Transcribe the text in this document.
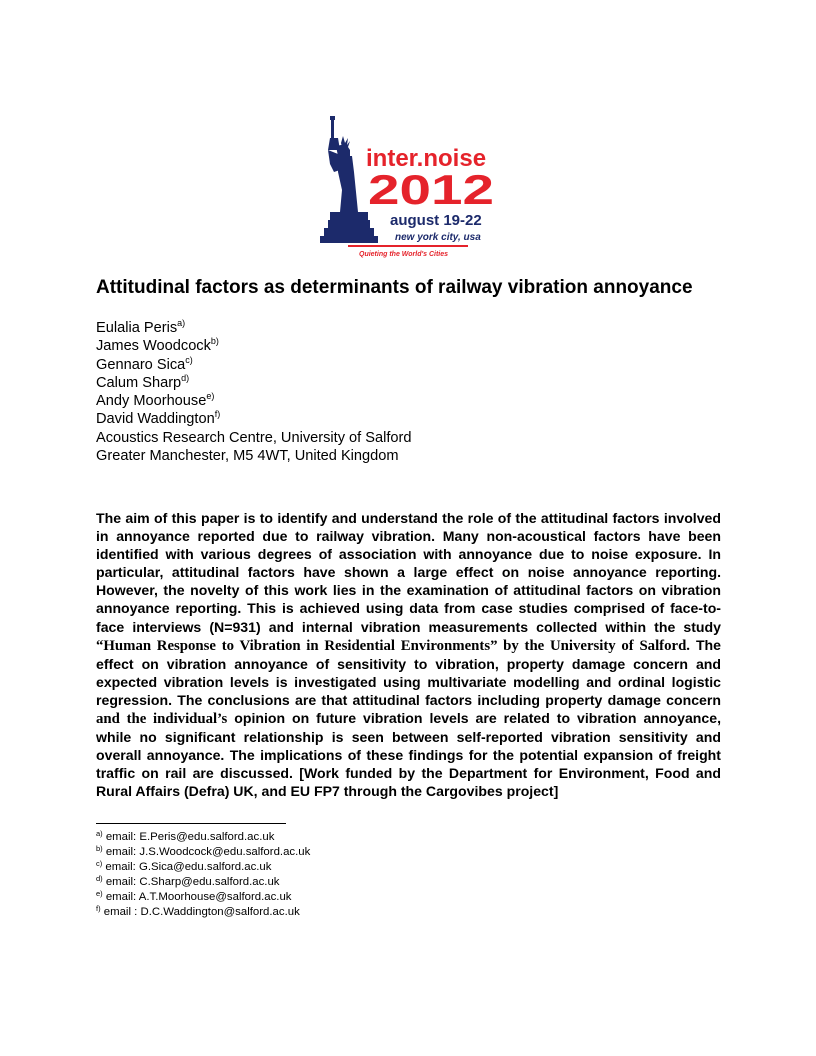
inter.noise
2012
august 19-22
new york city, usa
Quieting the World's Cities
Attitudinal factors as determinants of railway vibration annoyance
Eulalia Peris$^{a)}$
James Woodcock$^{b)}$
Gennaro Sica$^{c)}$
Calum Sharp$^{d)}$
Andy Moorhouse$^{e)}$
David Waddington$^{f)}$
Acoustics Research Centre, University of Salford
Greater Manchester, M5 4WT, United Kingdom

The aim of this paper is to identify and understand the role of the attitudinal factors involved in annoyance reported due to railway vibration. Many non-acoustical factors have been identified with various degrees of association with annoyance due to noise exposure. In particular, attitudinal factors have shown a large effect on noise annoyance reporting. However, the novelty of this work lies in the examination of attitudinal factors on vibration annoyance reporting. This is achieved using data from case studies comprised of face-to-face interviews (N=931) and internal vibration measurements collected within the study “Human Response to Vibration in Residential Environments” by the University of Salford. The effect on vibration annoyance of sensitivity to vibration, property damage concern and expected vibration levels is investigated using multivariate modelling and ordinal logistic regression. The conclusions are that attitudinal factors including property damage concern and the individual’s opinion on future vibration levels are related to vibration annoyance, while no significant relationship is seen between self-reported vibration sensitivity and overall annoyance. The implications of these findings for the potential expansion of freight traffic on rail are discussed. [Work funded by the Department for Environment, Food and Rural Affairs (Defra) UK, and EU FP7 through the Cargovibes project]

$^{a)}$ email: E.Peris@edu.salford.ac.uk
$^{b)}$ email: J.S.Woodcock@edu.salford.ac.uk
$^{c)}$ email: G.Sica@edu.salford.ac.uk
$^{d)}$ email: C.Sharp@edu.salford.ac.uk
$^{e)}$ email: A.T.Moorhouse@salford.ac.uk
$^{f)}$ email : D.C.Waddington@salford.ac.uk
